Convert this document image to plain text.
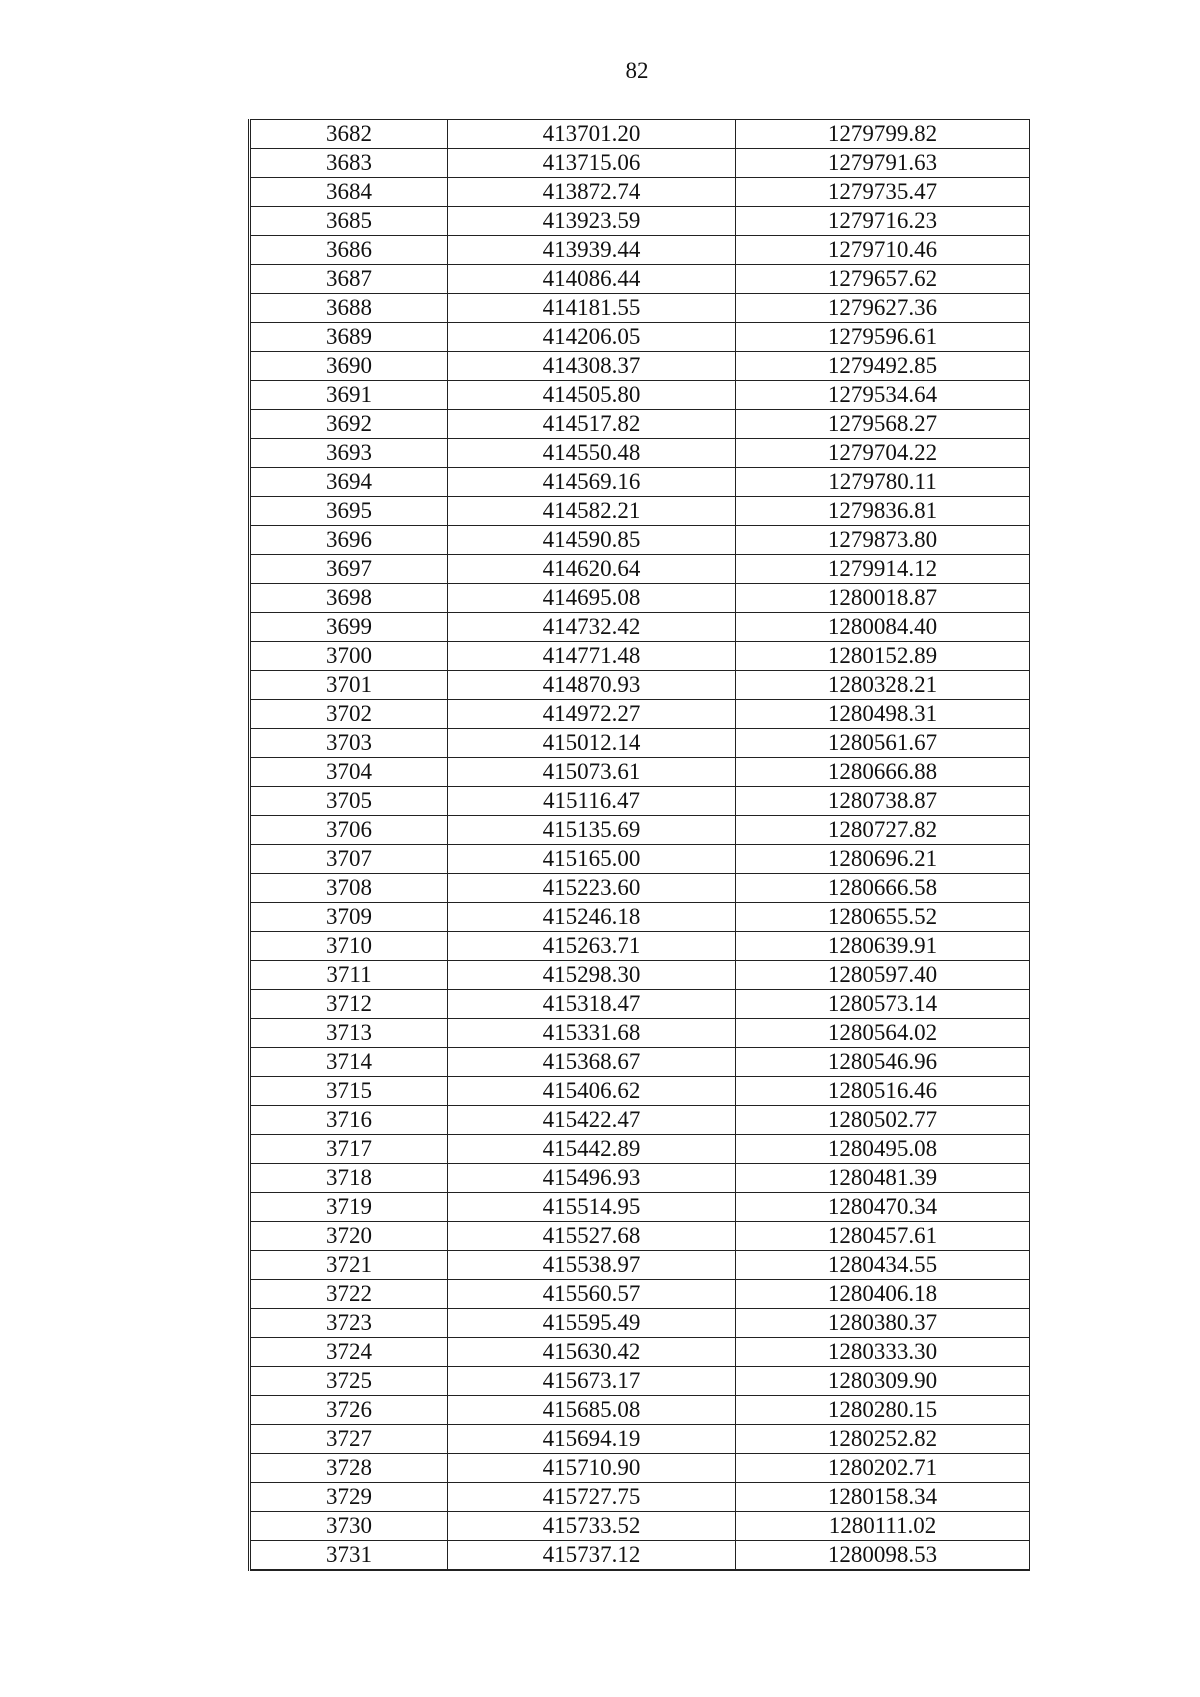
82
3682	413701.20	1279799.82
3683	413715.06	1279791.63
3684	413872.74	1279735.47
3685	413923.59	1279716.23
3686	413939.44	1279710.46
3687	414086.44	1279657.62
3688	414181.55	1279627.36
3689	414206.05	1279596.61
3690	414308.37	1279492.85
3691	414505.80	1279534.64
3692	414517.82	1279568.27
3693	414550.48	1279704.22
3694	414569.16	1279780.11
3695	414582.21	1279836.81
3696	414590.85	1279873.80
3697	414620.64	1279914.12
3698	414695.08	1280018.87
3699	414732.42	1280084.40
3700	414771.48	1280152.89
3701	414870.93	1280328.21
3702	414972.27	1280498.31
3703	415012.14	1280561.67
3704	415073.61	1280666.88
3705	415116.47	1280738.87
3706	415135.69	1280727.82
3707	415165.00	1280696.21
3708	415223.60	1280666.58
3709	415246.18	1280655.52
3710	415263.71	1280639.91
3711	415298.30	1280597.40
3712	415318.47	1280573.14
3713	415331.68	1280564.02
3714	415368.67	1280546.96
3715	415406.62	1280516.46
3716	415422.47	1280502.77
3717	415442.89	1280495.08
3718	415496.93	1280481.39
3719	415514.95	1280470.34
3720	415527.68	1280457.61
3721	415538.97	1280434.55
3722	415560.57	1280406.18
3723	415595.49	1280380.37
3724	415630.42	1280333.30
3725	415673.17	1280309.90
3726	415685.08	1280280.15
3727	415694.19	1280252.82
3728	415710.90	1280202.71
3729	415727.75	1280158.34
3730	415733.52	1280111.02
3731	415737.12	1280098.53
